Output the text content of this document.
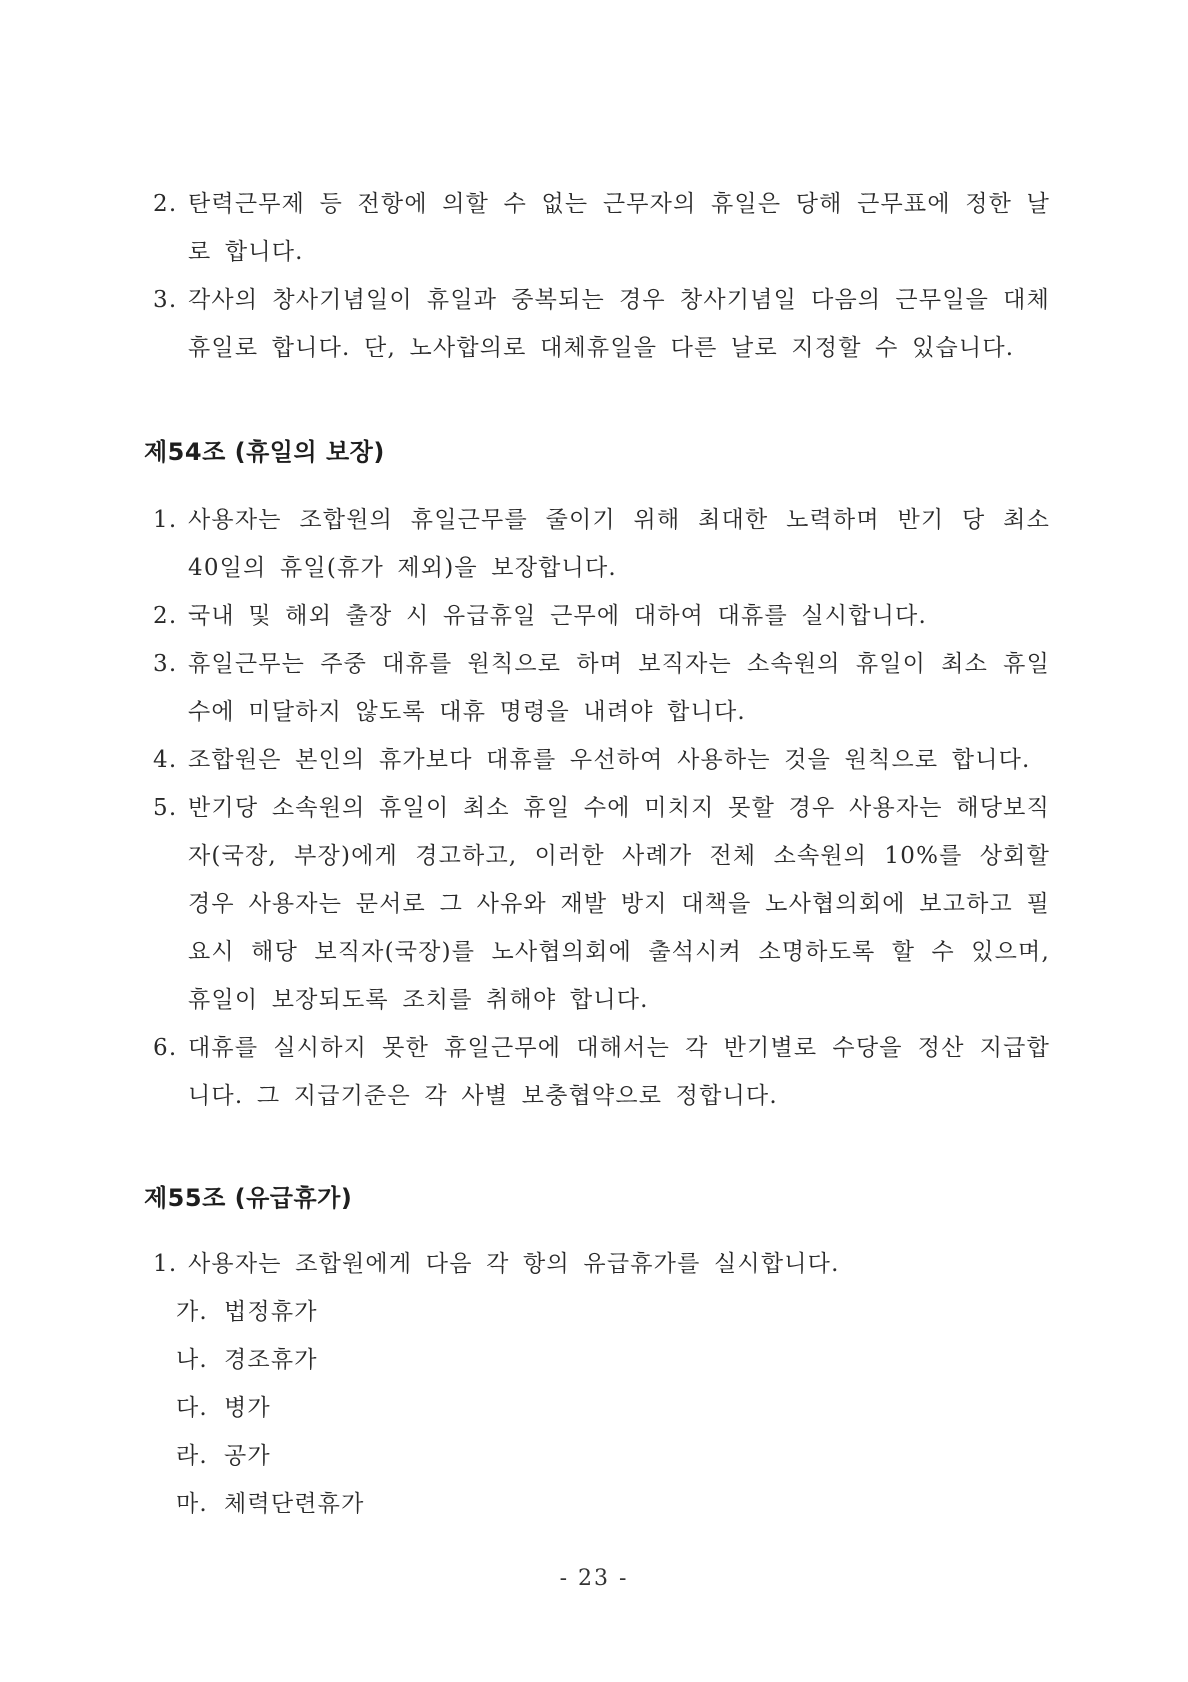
2. 탄력근무제 등 전항에 의할 수 없는 근무자의 휴일은 당해 근무표에 정한 날로 합니다.
3. 각사의 창사기념일이 휴일과 중복되는 경우 창사기념일 다음의 근무일을 대체휴일로 합니다. 단, 노사합의로 대체휴일을 다른 날로 지정할 수 있습니다.
제54조 (휴일의 보장)
1. 사용자는 조합원의 휴일근무를 줄이기 위해 최대한 노력하며 반기 당 최소 40일의 휴일(휴가 제외)을 보장합니다.
2. 국내 및 해외 출장 시 유급휴일 근무에 대하여 대휴를 실시합니다.
3. 휴일근무는 주중 대휴를 원칙으로 하며 보직자는 소속원의 휴일이 최소 휴일 수에 미달하지 않도록 대휴 명령을 내려야 합니다.
4. 조합원은 본인의 휴가보다 대휴를 우선하여 사용하는 것을 원칙으로 합니다.
5. 반기당 소속원의 휴일이 최소 휴일 수에 미치지 못할 경우 사용자는 해당보직자(국장, 부장)에게 경고하고, 이러한 사례가 전체 소속원의 10%를 상회할 경우 사용자는 문서로 그 사유와 재발 방지 대책을 노사협의회에 보고하고 필요시 해당 보직자(국장)를 노사협의회에 출석시켜 소명하도록 할 수 있으며, 휴일이 보장되도록 조치를 취해야 합니다.
6. 대휴를 실시하지 못한 휴일근무에 대해서는 각 반기별로 수당을 정산 지급합니다. 그 지급기준은 각 사별 보충협약으로 정합니다.
제55조 (유급휴가)
1. 사용자는 조합원에게 다음 각 항의 유급휴가를 실시합니다.
가. 법정휴가
나. 경조휴가
다. 병가
라. 공가
마. 체력단련휴가
- 23 -
